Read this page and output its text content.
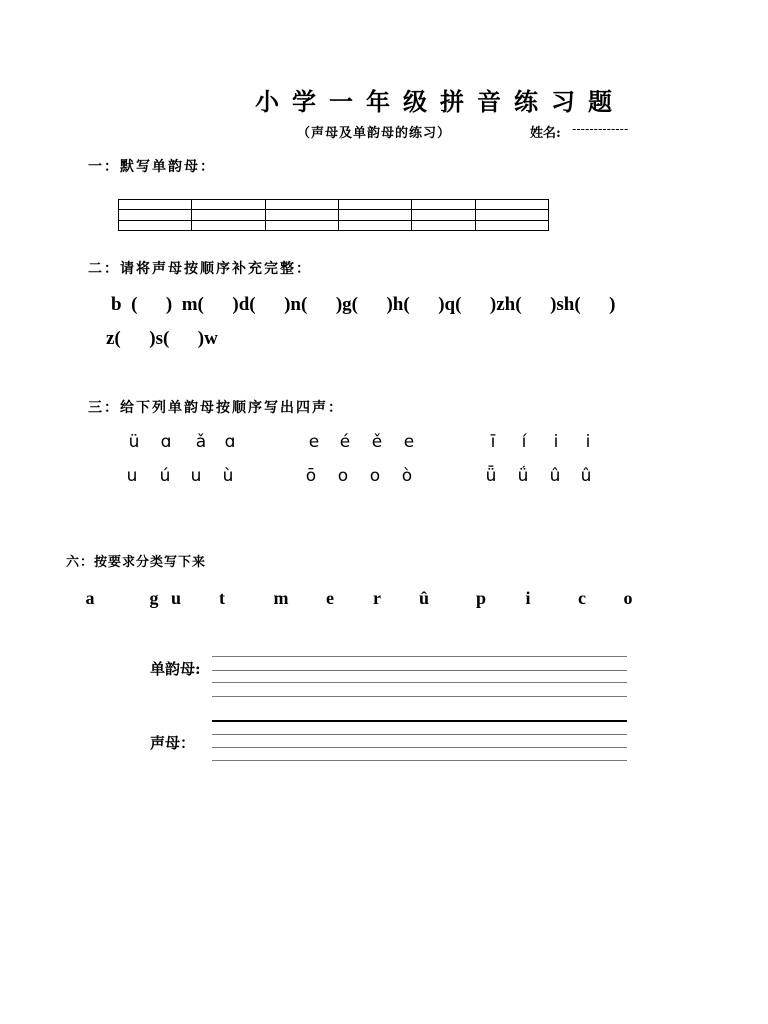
小学一年级拼音练习题
（声母及单韵母的练习）	姓名: -------------
一：默写单韵母：

二：请将声母按顺序补充完整：
b  (      )  m(      )d(      )n(      )g(      )h(      )q(      )zh(      )sh(      )
z(      )s(      )w
三：给下列单韵母按顺序写出四声：
ü	ɑ	ǎ	ɑ	e	é	ě	e	ī	í	i	i
u	ú	u	ù	ō	o	o	ò	ǖ	ǘ	û	û
六：按要求分类写下来
a	g u	t	m	e	r	û	p	i	c	o
单韵母:
声母：
